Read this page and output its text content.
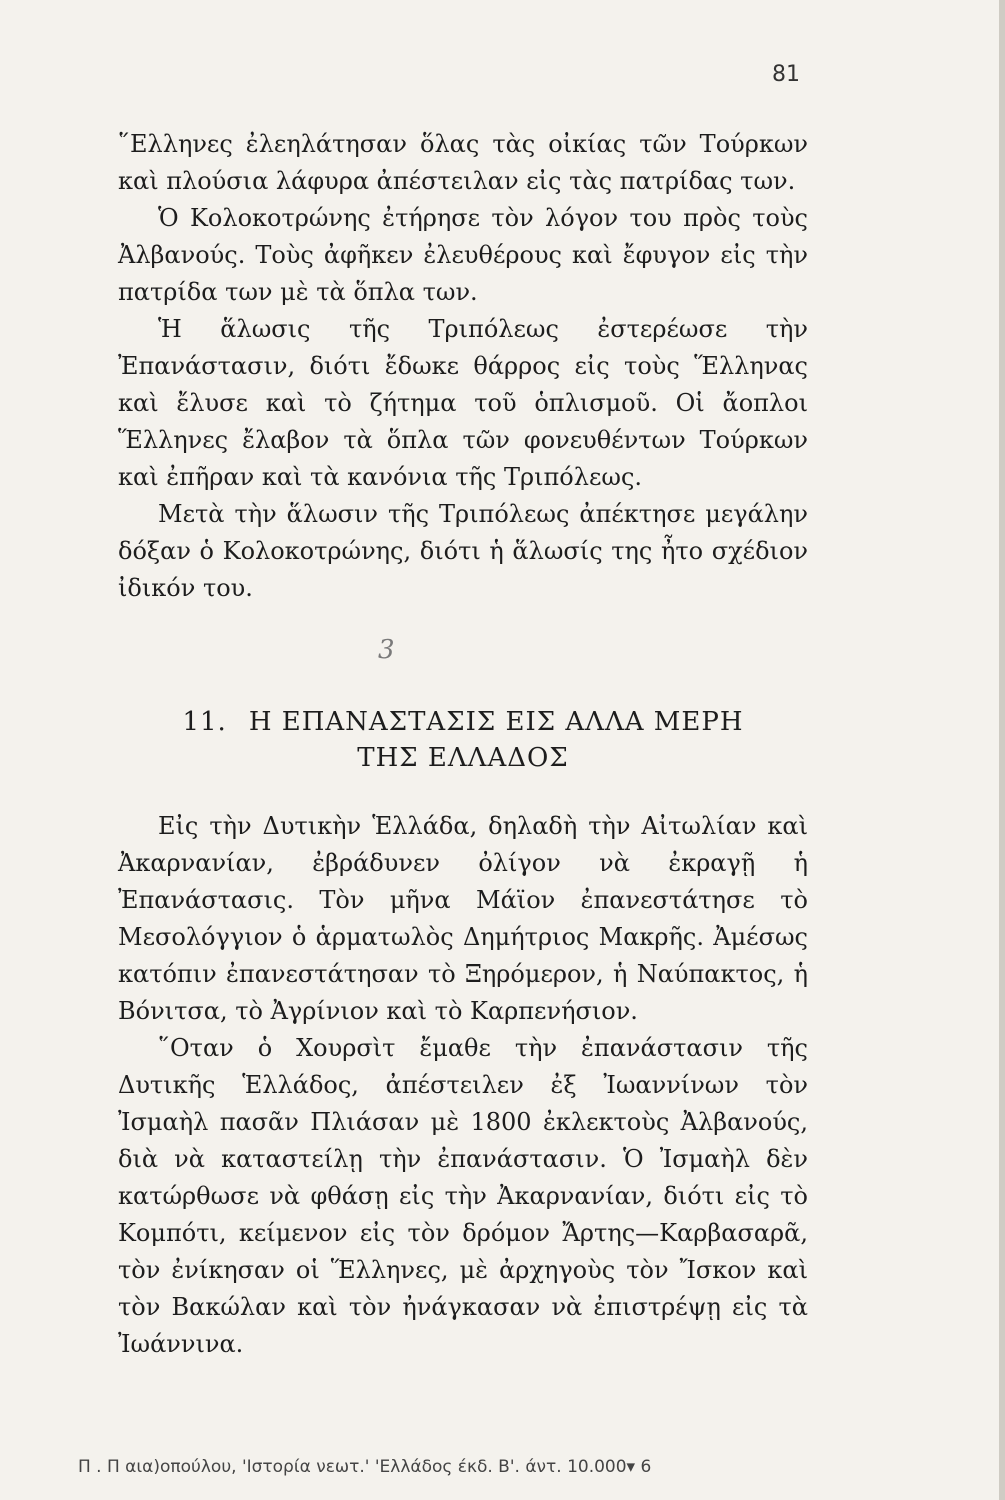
81

῞Ελληνες ἐλεηλάτησαν ὅλας τὰς οἰκίας τῶν Τούρκων καὶ πλούσια λάφυρα ἀπέστειλαν εἰς τὰς πατρίδας των.

Ὁ Κολοκοτρώνης ἐτήρησε τὸν λόγον του πρὸς τοὺς Ἀλβανούς. Τοὺς ἀφῆκεν ἐλευθέρους καὶ ἔφυγον εἰς τὴν πατρίδα των μὲ τὰ ὅπλα των.

Ἡ ἅλωσις τῆς Τριπόλεως ἐστερέωσε τὴν Ἐπανάστασιν, διότι ἔδωκε θάρρος εἰς τοὺς Ἕλληνας καὶ ἔλυσε καὶ τὸ ζήτημα τοῦ ὁπλισμοῦ. Οἱ ἄοπλοι Ἕλληνες ἔλαβον τὰ ὅπλα τῶν φονευθέντων Τούρκων καὶ ἐπῆραν καὶ τὰ κανόνια τῆς Τριπόλεως.

Μετὰ τὴν ἅλωσιν τῆς Τριπόλεως ἀπέκτησε μεγάλην δόξαν ὁ Κολοκοτρώνης, διότι ἡ ἅλωσίς της ἦτο σχέδιον ἰδικόν του.

3
11. Η ΕΠΑΝΑΣΤΑΣΙΣ ΕΙΣ ΑΛΛΑ ΜΕΡΗ
ΤΗΣ ΕΛΛΑΔΟΣ

Εἰς τὴν Δυτικὴν Ἑλλάδα, δηλαδὴ τὴν Αἰτωλίαν καὶ Ἀκαρνανίαν, ἐβράδυνεν ὀλίγον νὰ ἐκραγῇ ἡ Ἐπανάστασις. Τὸν μῆνα Μάϊον ἐπανεστάτησε τὸ Μεσολόγγιον ὁ ἁρματωλὸς Δημήτριος Μακρῆς. Ἀμέσως κατόπιν ἐπανεστάτησαν τὸ Ξηρόμερον, ἡ Ναύπακτος, ἡ Βόνιτσα, τὸ Ἀγρίνιον καὶ τὸ Καρπενήσιον.

῞Οταν ὁ Χουρσὶτ ἔμαθε τὴν ἐπανάστασιν τῆς Δυτικῆς Ἑλλάδος, ἀπέστειλεν ἐξ Ἰωαννίνων τὸν Ἰσμαὴλ πασᾶν Πλιάσαν μὲ 1800 ἐκλεκτοὺς Ἀλβανούς, διὰ νὰ καταστείλῃ τὴν ἐπανάστασιν. Ὁ Ἰσμαὴλ δὲν κατώρθωσε νὰ φθάσῃ εἰς τὴν Ἀκαρνανίαν, διότι εἰς τὸ Κομπότι, κείμενον εἰς τὸν δρόμον Ἄρτης—Καρβασαρᾶ, τὸν ἐνίκησαν οἱ Ἕλληνες, μὲ ἀρχηγοὺς τὸν Ἴσκον καὶ τὸν Βακώλαν καὶ τὸν ἠνάγκασαν νὰ ἐπιστρέψῃ εἰς τὰ Ἰωάννινα.

Π . Π αια)οπούλου, 'Ιστορία νεωτ.' 'Ελλάδος έκδ. Β'. άντ. 10.000▾ 6
